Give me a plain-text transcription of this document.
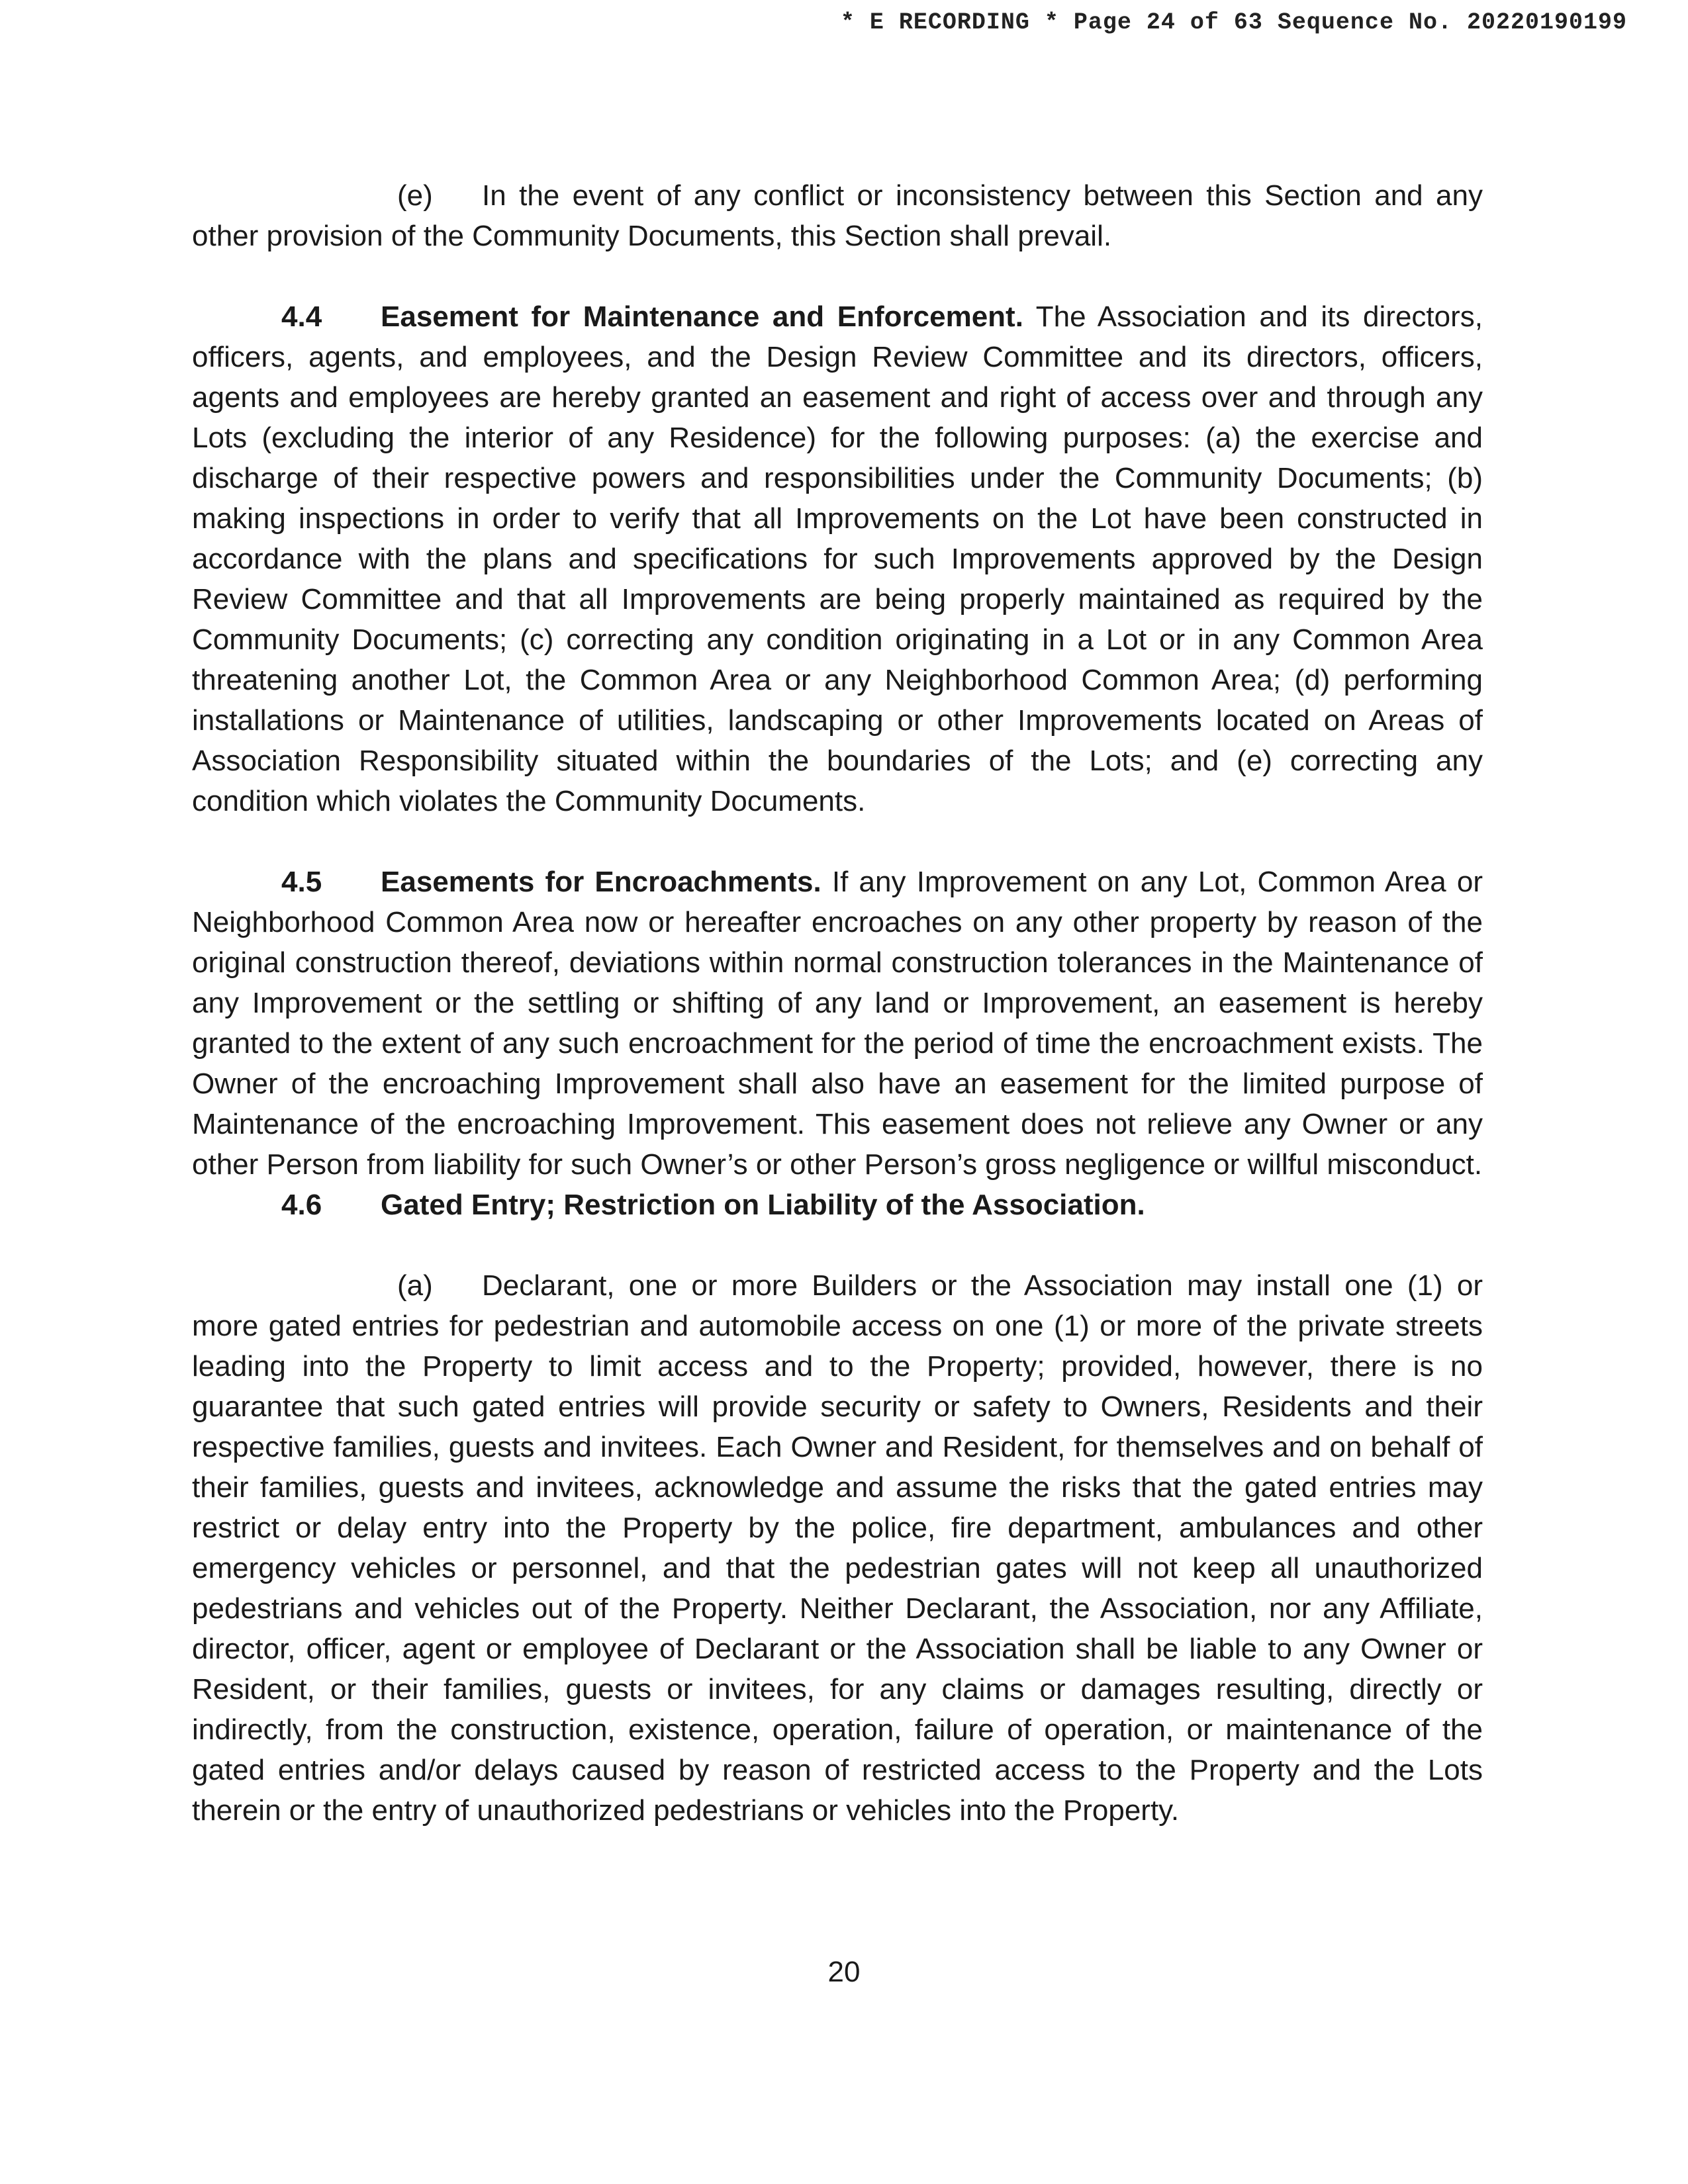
* E RECORDING * Page 24 of 63 Sequence No. 20220190199

(e) In the event of any conflict or inconsistency between this Section and any other provision of the Community Documents, this Section shall prevail.

4.4 Easement for Maintenance and Enforcement. The Association and its directors, officers, agents, and employees, and the Design Review Committee and its directors, officers, agents and employees are hereby granted an easement and right of access over and through any Lots (excluding the interior of any Residence) for the following purposes: (a) the exercise and discharge of their respective powers and responsibilities under the Community Documents; (b) making inspections in order to verify that all Improvements on the Lot have been constructed in accordance with the plans and specifications for such Improvements approved by the Design Review Committee and that all Improvements are being properly maintained as required by the Community Documents; (c) correcting any condition originating in a Lot or in any Common Area threatening another Lot, the Common Area or any Neighborhood Common Area; (d) performing installations or Maintenance of utilities, landscaping or other Improvements located on Areas of Association Responsibility situated within the boundaries of the Lots; and (e) correcting any condition which violates the Community Documents.

4.5 Easements for Encroachments. If any Improvement on any Lot, Common Area or Neighborhood Common Area now or hereafter encroaches on any other property by reason of the original construction thereof, deviations within normal construction tolerances in the Maintenance of any Improvement or the settling or shifting of any land or Improvement, an easement is hereby granted to the extent of any such encroachment for the period of time the encroachment exists. The Owner of the encroaching Improvement shall also have an easement for the limited purpose of Maintenance of the encroaching Improvement. This easement does not relieve any Owner or any other Person from liability for such Owner’s or other Person’s gross negligence or willful misconduct.

4.6 Gated Entry; Restriction on Liability of the Association.

(a) Declarant, one or more Builders or the Association may install one (1) or more gated entries for pedestrian and automobile access on one (1) or more of the private streets leading into the Property to limit access and to the Property; provided, however, there is no guarantee that such gated entries will provide security or safety to Owners, Residents and their respective families, guests and invitees. Each Owner and Resident, for themselves and on behalf of their families, guests and invitees, acknowledge and assume the risks that the gated entries may restrict or delay entry into the Property by the police, fire department, ambulances and other emergency vehicles or personnel, and that the pedestrian gates will not keep all unauthorized pedestrians and vehicles out of the Property. Neither Declarant, the Association, nor any Affiliate, director, officer, agent or employee of Declarant or the Association shall be liable to any Owner or Resident, or their families, guests or invitees, for any claims or damages resulting, directly or indirectly, from the construction, existence, operation, failure of operation, or maintenance of the gated entries and/or delays caused by reason of restricted access to the Property and the Lots therein or the entry of unauthorized pedestrians or vehicles into the Property.

20
